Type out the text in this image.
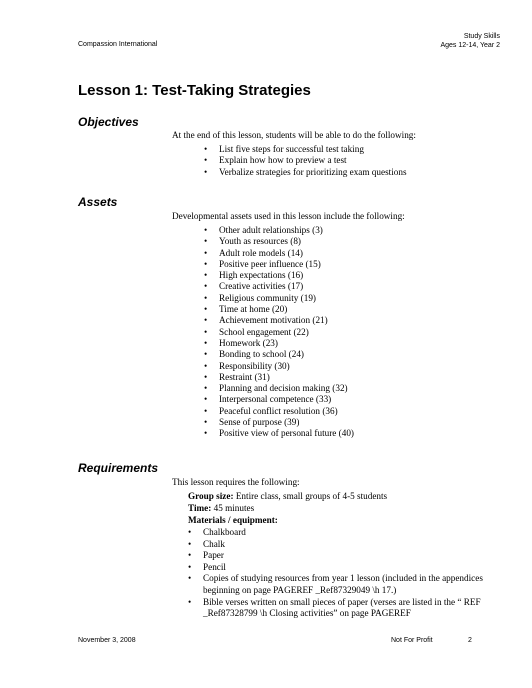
Compassion International
Study Skills
Ages 12-14, Year 2
Lesson 1: Test-Taking Strategies
Objectives
At the end of this lesson, students will be able to do the following:
• List five steps for successful test taking
• Explain how how to preview a test
• Verbalize strategies for prioritizing exam questions
Assets
Developmental assets used in this lesson include the following:
• Other adult relationships (3)
• Youth as resources (8)
• Adult role models (14)
• Positive peer influence (15)
• High expectations (16)
• Creative activities (17)
• Religious community (19)
• Time at home (20)
• Achievement motivation (21)
• School engagement (22)
• Homework (23)
• Bonding to school (24)
• Responsibility (30)
• Restraint (31)
• Planning and decision making (32)
• Interpersonal competence (33)
• Peaceful conflict resolution (36)
• Sense of purpose (39)
• Positive view of personal future (40)
Requirements
This lesson requires the following:
Group size: Entire class, small groups of 4-5 students
Time: 45 minutes
Materials / equipment:
• Chalkboard
• Chalk
• Paper
• Pencil
• Copies of studying resources from year 1 lesson (included in the appendices beginning on page PAGEREF _Ref87329049 \h 17.)
• Bible verses written on small pieces of paper (verses are listed in the “ REF _Ref87328799 \h Closing activities” on page PAGEREF
November 3, 2008	Not For Profit	2
